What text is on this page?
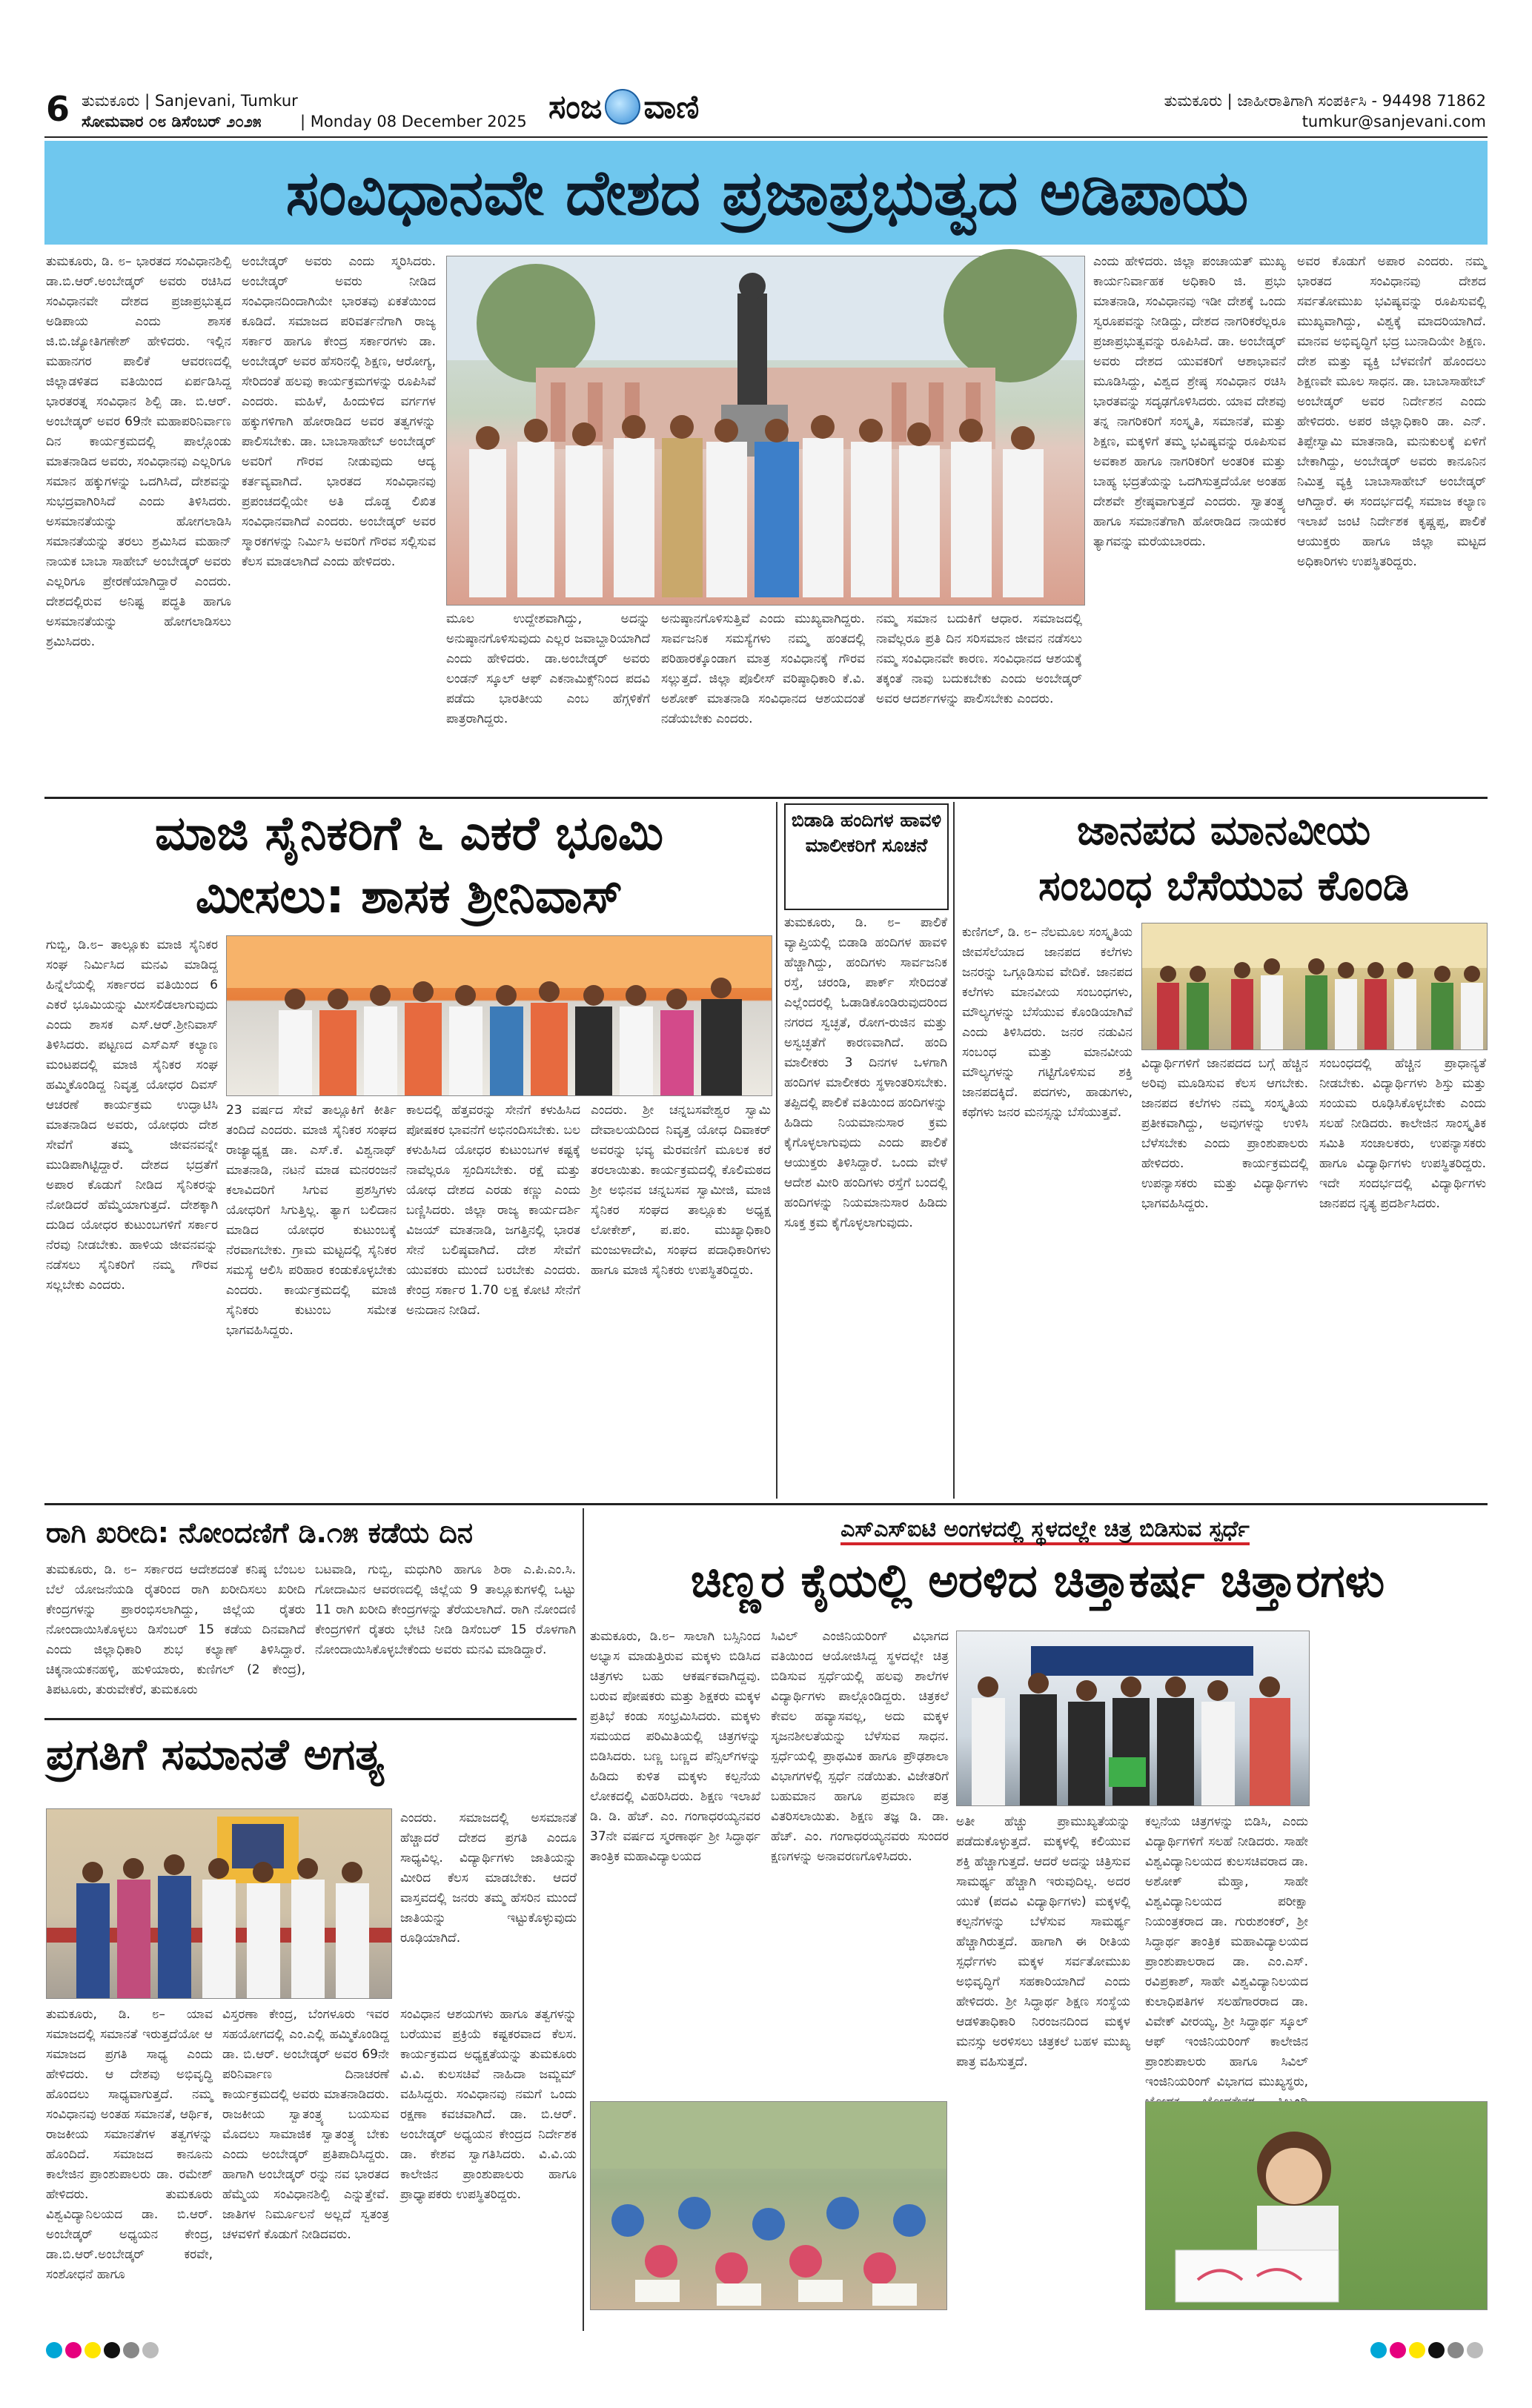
6 ತುಮಕೂರು | Sanjevani, Tumkur
ಸೋಮವಾರ ೦೮ ಡಿಸೆಂಬರ್ ೨೦೨೫ | Monday 08 December 2025 ಸಂಜ ವಾಣಿ	ತುಮಕೂರು | ಜಾಹೀರಾತಿಗಾಗಿ ಸಂಪರ್ಕಿಸಿ - 94498 71862
tumkur@sanjevani.com
ಸಂವಿಧಾನವೇ ದೇಶದ ಪ್ರಜಾಪ್ರಭುತ್ವದ ಅಡಿಪಾಯ
ತುಮಕೂರು, ಡಿ. ೮– ಭಾರತದ ಸಂವಿಧಾನಶಿಲ್ಪಿ ಡಾ.ಬಿ.ಆರ್.ಅಂಬೇಡ್ಕರ್ ಅವರು ರಚಿಸಿದ ಸಂವಿಧಾನವೇ ದೇಶದ ಪ್ರಜಾಪ್ರಭುತ್ವದ ಅಡಿಪಾಯ ಎಂದು ಶಾಸಕ ಜಿ.ಬಿ.ಜ್ಯೋತಿಗಣೇಶ್ ಹೇಳಿದರು. ಇಲ್ಲಿನ ಮಹಾನಗರ ಪಾಲಿಕೆ ಆವರಣದಲ್ಲಿ ಜಿಲ್ಲಾಡಳಿತದ ವತಿಯಿಂದ ಏರ್ಪಡಿಸಿದ್ದ ಭಾರತರತ್ನ ಸಂವಿಧಾನ ಶಿಲ್ಪಿ ಡಾ. ಬಿ.ಆರ್. ಅಂಬೇಡ್ಕರ್ ಅವರ 69ನೇ ಮಹಾಪರಿನಿರ್ವಾಣ ದಿನ ಕಾರ್ಯಕ್ರಮದಲ್ಲಿ ಪಾಲ್ಗೊಂಡು ಮಾತನಾಡಿದ ಅವರು, ಸಂವಿಧಾನವು ಎಲ್ಲರಿಗೂ ಸಮಾನ ಹಕ್ಕುಗಳನ್ನು ಒದಗಿಸಿದೆ, ದೇಶವನ್ನು ಸುಭದ್ರವಾಗಿರಿಸಿದೆ ಎಂದು ತಿಳಿಸಿದರು. ಅಸಮಾನತೆಯನ್ನು ಹೋಗಲಾಡಿಸಿ ಸಮಾನತೆಯನ್ನು ತರಲು ಶ್ರಮಿಸಿದ ಮಹಾನ್ ನಾಯಕ ಬಾಬಾ ಸಾಹೇಬ್ ಅಂಬೇಡ್ಕರ್ ಅವರು ಎಲ್ಲರಿಗೂ ಪ್ರೇರಣೆಯಾಗಿದ್ದಾರೆ ಎಂದರು. ದೇಶದಲ್ಲಿರುವ ಅನಿಷ್ಟ ಪದ್ಧತಿ ಹಾಗೂ ಅಸಮಾನತೆಯನ್ನು ಹೋಗಲಾಡಿಸಲು ಶ್ರಮಿಸಿದರು.
ಅಂಬೇಡ್ಕರ್ ಅವರು ಎಂದು ಸ್ಮರಿಸಿದರು. ಅಂಬೇಡ್ಕರ್ ಅವರು ನೀಡಿದ ಸಂವಿಧಾನದಿಂದಾಗಿಯೇ ಭಾರತವು ಏಕತೆಯಿಂದ ಕೂಡಿದೆ. ಸಮಾಜದ ಪರಿವರ್ತನೆಗಾಗಿ ರಾಜ್ಯ ಸರ್ಕಾರ ಹಾಗೂ ಕೇಂದ್ರ ಸರ್ಕಾರಗಳು ಡಾ. ಅಂಬೇಡ್ಕರ್ ಅವರ ಹೆಸರಿನಲ್ಲಿ ಶಿಕ್ಷಣ, ಆರೋಗ್ಯ, ಸೇರಿದಂತೆ ಹಲವು ಕಾರ್ಯಕ್ರಮಗಳನ್ನು ರೂಪಿಸಿವೆ ಎಂದರು. ಮಹಿಳೆ, ಹಿಂದುಳಿದ ವರ್ಗಗಳ ಹಕ್ಕುಗಳಿಗಾಗಿ ಹೋರಾಡಿದ ಅವರ ತತ್ವಗಳನ್ನು ಪಾಲಿಸಬೇಕು. ಡಾ. ಬಾಬಾಸಾಹೇಬ್ ಅಂಬೇಡ್ಕರ್ ಅವರಿಗೆ ಗೌರವ ನೀಡುವುದು ಆದ್ಯ ಕರ್ತವ್ಯವಾಗಿದೆ. ಭಾರತದ ಸಂವಿಧಾನವು ಪ್ರಪಂಚದಲ್ಲಿಯೇ ಅತಿ ದೊಡ್ಡ ಲಿಖಿತ ಸಂವಿಧಾನವಾಗಿದೆ ಎಂದರು. ಅಂಬೇಡ್ಕರ್ ಅವರ ಸ್ಮಾರಕಗಳನ್ನು ನಿರ್ಮಿಸಿ ಅವರಿಗೆ ಗೌರವ ಸಲ್ಲಿಸುವ ಕೆಲಸ ಮಾಡಲಾಗಿದೆ ಎಂದು ಹೇಳಿದರು.
ಮೂಲ ಉದ್ದೇಶವಾಗಿದ್ದು, ಅದನ್ನು ಅನುಷ್ಠಾನಗೊಳಿಸುವುದು ಎಲ್ಲರ ಜವಾಬ್ದಾರಿಯಾಗಿದೆ ಎಂದು ಹೇಳಿದರು. ಡಾ.ಅಂಬೇಡ್ಕರ್ ಅವರು ಲಂಡನ್ ಸ್ಕೂಲ್ ಆಫ್ ಎಕನಾಮಿಕ್ಸ್‌ನಿಂದ ಪದವಿ ಪಡೆದು ಭಾರತೀಯ ಎಂಬ ಹೆಗ್ಗಳಿಕೆಗೆ ಪಾತ್ರರಾಗಿದ್ದರು.
ಅನುಷ್ಠಾನಗೊಳಿಸುತ್ತಿವೆ ಎಂದು ಮುಖ್ಯವಾಗಿದ್ದರು. ಸಾರ್ವಜನಿಕ ಸಮಸ್ಯೆಗಳು ನಮ್ಮ ಹಂತದಲ್ಲಿ ಪರಿಹಾರಕ್ಕೊಂಡಾಗ ಮಾತ್ರ ಸಂವಿಧಾನಕ್ಕೆ ಗೌರವ ಸಲ್ಲುತ್ತದೆ. ಜಿಲ್ಲಾ ಪೊಲೀಸ್ ವರಿಷ್ಠಾಧಿಕಾರಿ ಕೆ.ವಿ. ಅಶೋಕ್ ಮಾತನಾಡಿ ಸಂವಿಧಾನದ ಆಶಯದಂತೆ ನಡೆಯಬೇಕು ಎಂದರು.
ನಮ್ಮ ಸಮಾನ ಬದುಕಿಗೆ ಆಧಾರ. ಸಮಾಜದಲ್ಲಿ ನಾವೆಲ್ಲರೂ ಪ್ರತಿ ದಿನ ಸರಿಸಮಾನ ಜೀವನ ನಡೆಸಲು ನಮ್ಮ ಸಂವಿಧಾನವೇ ಕಾರಣ. ಸಂವಿಧಾನದ ಆಶಯಕ್ಕೆ ತಕ್ಕಂತೆ ನಾವು ಬದುಕಬೇಕು ಎಂದು ಅಂಬೇಡ್ಕರ್ ಅವರ ಆದರ್ಶಗಳನ್ನು ಪಾಲಿಸಬೇಕು ಎಂದರು.
ಎಂದು ಹೇಳಿದರು. ಜಿಲ್ಲಾ ಪಂಚಾಯತ್ ಮುಖ್ಯ ಕಾರ್ಯನಿರ್ವಾಹಕ ಅಧಿಕಾರಿ ಜಿ. ಪ್ರಭು ಮಾತನಾಡಿ, ಸಂವಿಧಾನವು ಇಡೀ ದೇಶಕ್ಕೆ ಒಂದು ಸ್ವರೂಪವನ್ನು ನೀಡಿದ್ದು, ದೇಶದ ನಾಗರಿಕರೆಲ್ಲರೂ ಪ್ರಜಾಪ್ರಭುತ್ವವನ್ನು ರೂಪಿಸಿದೆ. ಡಾ. ಅಂಬೇಡ್ಕರ್ ಅವರು ದೇಶದ ಯುವಕರಿಗೆ ಆಶಾಭಾವನೆ ಮೂಡಿಸಿದ್ದು, ವಿಶ್ವದ ಶ್ರೇಷ್ಠ ಸಂವಿಧಾನ ರಚಿಸಿ ಭಾರತವನ್ನು ಸದೃಢಗೊಳಿಸಿದರು. ಯಾವ ದೇಶವು ತನ್ನ ನಾಗರಿಕರಿಗೆ ಸಂಸ್ಕೃತಿ, ಸಮಾನತೆ, ಮತ್ತು ಶಿಕ್ಷಣ, ಮಕ್ಕಳಿಗೆ ತಮ್ಮ ಭವಿಷ್ಯವನ್ನು ರೂಪಿಸುವ ಅವಕಾಶ ಹಾಗೂ ನಾಗರಿಕರಿಗೆ ಅಂತರಿಕ ಮತ್ತು ಬಾಹ್ಯ ಭದ್ರತೆಯನ್ನು ಒದಗಿಸುತ್ತದೆಯೋ ಅಂತಹ ದೇಶವೇ ಶ್ರೇಷ್ಠವಾಗುತ್ತದೆ ಎಂದರು. ಸ್ವಾತಂತ್ರ್ಯ ಹಾಗೂ ಸಮಾನತೆಗಾಗಿ ಹೋರಾಡಿದ ನಾಯಕರ ತ್ಯಾಗವನ್ನು ಮರೆಯಬಾರದು.
ಅವರ ಕೊಡುಗೆ ಅಪಾರ ಎಂದರು. ನಮ್ಮ ಭಾರತದ ಸಂವಿಧಾನವು ದೇಶದ ಸರ್ವತೋಮುಖ ಭವಿಷ್ಯವನ್ನು ರೂಪಿಸುವಲ್ಲಿ ಮುಖ್ಯವಾಗಿದ್ದು, ವಿಶ್ವಕ್ಕೆ ಮಾದರಿಯಾಗಿದೆ. ಮಾನವ ಅಭಿವೃದ್ಧಿಗೆ ಭದ್ರ ಬುನಾದಿಯೇ ಶಿಕ್ಷಣ. ದೇಶ ಮತ್ತು ವ್ಯಕ್ತಿ ಬೆಳವಣಿಗೆ ಹೊಂದಲು ಶಿಕ್ಷಣವೇ ಮೂಲ ಸಾಧನ. ಡಾ. ಬಾಬಾಸಾಹೇಬ್ ಅಂಬೇಡ್ಕರ್ ಅವರ ನಿರ್ದೇಶನ ಎಂದು ಹೇಳಿದರು. ಅಪರ ಜಿಲ್ಲಾಧಿಕಾರಿ ಡಾ. ಎನ್. ತಿಪ್ಪೇಸ್ವಾಮಿ ಮಾತನಾಡಿ, ಮನುಕುಲಕ್ಕೆ ಏಳಿಗೆ ಬೇಕಾಗಿದ್ದು, ಅಂಬೇಡ್ಕರ್ ಅವರು ಕಾನೂನಿನ ನಿಮಿತ್ತ ವ್ಯಕ್ತಿ ಬಾಬಾಸಾಹೇಬ್ ಅಂಬೇಡ್ಕರ್ ಆಗಿದ್ದಾರೆ. ಈ ಸಂದರ್ಭದಲ್ಲಿ ಸಮಾಜ ಕಲ್ಯಾಣ ಇಲಾಖೆ ಜಂಟಿ ನಿರ್ದೇಶಕ ಕೃಷ್ಣಪ್ಪ, ಪಾಲಿಕೆ ಆಯುಕ್ತರು ಹಾಗೂ ಜಿಲ್ಲಾ ಮಟ್ಟದ ಅಧಿಕಾರಿಗಳು ಉಪಸ್ಥಿತರಿದ್ದರು.
ಮಾಜಿ ಸೈನಿಕರಿಗೆ ೬ ಎಕರೆ ಭೂಮಿ
ಮೀಸಲು: ಶಾಸಕ ಶ್ರೀನಿವಾಸ್
ಗುಬ್ಬಿ, ಡಿ.೮– ತಾಲ್ಲೂಕು ಮಾಜಿ ಸೈನಿಕರ ಸಂಘ ನಿರ್ಮಿಸಿದ ಮನವಿ ಮಾಡಿದ್ದ ಹಿನ್ನೆಲೆಯಲ್ಲಿ ಸರ್ಕಾರದ ವತಿಯಿಂದ 6 ಎಕರೆ ಭೂಮಿಯನ್ನು ಮೀಸಲಿಡಲಾಗುವುದು ಎಂದು ಶಾಸಕ ಎಸ್.ಆರ್.ಶ್ರೀನಿವಾಸ್ ತಿಳಿಸಿದರು. ಪಟ್ಟಣದ ಎಸ್‌ಎಸ್ ಕಲ್ಯಾಣ ಮಂಟಪದಲ್ಲಿ ಮಾಜಿ ಸೈನಿಕರ ಸಂಘ ಹಮ್ಮಿಕೊಂಡಿದ್ದ ನಿವೃತ್ತ ಯೋಧರ ದಿವಸ್ ಆಚರಣೆ ಕಾರ್ಯಕ್ರಮ ಉದ್ಘಾಟಿಸಿ ಮಾತನಾಡಿದ ಅವರು, ಯೋಧರು ದೇಶ ಸೇವೆಗೆ ತಮ್ಮ ಜೀವನವನ್ನೇ ಮುಡಿಪಾಗಿಟ್ಟಿದ್ದಾರೆ. ದೇಶದ ಭದ್ರತೆಗೆ ಅಪಾರ ಕೊಡುಗೆ ನೀಡಿದ ಸೈನಿಕರನ್ನು ನೋಡಿದರೆ ಹೆಮ್ಮೆಯಾಗುತ್ತದೆ. ದೇಶಕ್ಕಾಗಿ ದುಡಿದ ಯೋಧರ ಕುಟುಂಬಗಳಿಗೆ ಸರ್ಕಾರ ನೆರವು ನೀಡಬೇಕು. ಹಾಳಿಯ ಜೀವನವನ್ನು ನಡೆಸಲು ಸೈನಿಕರಿಗೆ ನಮ್ಮ ಗೌರವ ಸಲ್ಲಬೇಕು ಎಂದರು.
23 ವರ್ಷದ ಸೇವೆ ತಾಲ್ಲೂಕಿಗೆ ಕೀರ್ತಿ ತಂದಿದೆ ಎಂದರು. ಮಾಜಿ ಸೈನಿಕರ ಸಂಘದ ರಾಜ್ಯಾಧ್ಯಕ್ಷ ಡಾ. ಎಸ್.ಕೆ. ವಿಶ್ವನಾಥ್ ಮಾತನಾಡಿ, ನಟನೆ ಮಾಡ ಮನರಂಜನೆ ಕಲಾವಿದರಿಗೆ ಸಿಗುವ ಪ್ರಶಸ್ತಿಗಳು ಯೋಧರಿಗೆ ಸಿಗುತ್ತಿಲ್ಲ. ತ್ಯಾಗ ಬಲಿದಾನ ಮಾಡಿದ ಯೋಧರ ಕುಟುಂಬಕ್ಕೆ ನೆರವಾಗಬೇಕು. ಗ್ರಾಮ ಮಟ್ಟದಲ್ಲಿ ಸೈನಿಕರ ಸಮಸ್ಯೆ ಆಲಿಸಿ ಪರಿಹಾರ ಕಂಡುಕೊಳ್ಳಬೇಕು ಎಂದರು. ಕಾರ್ಯಕ್ರಮದಲ್ಲಿ ಮಾಜಿ ಸೈನಿಕರು ಕುಟುಂಬ ಸಮೇತ ಭಾಗವಹಿಸಿದ್ದರು.
ಕಾಲದಲ್ಲಿ ಹೆತ್ತವರನ್ನು ಸೇನೆಗೆ ಕಳುಹಿಸಿದ ಪೋಷಕರ ಭಾವನೆಗೆ ಅಭಿನಂದಿಸಬೇಕು. ಬಲ ಕಳುಹಿಸಿದ ಯೋಧರ ಕುಟುಂಬಗಳ ಕಷ್ಟಕ್ಕೆ ನಾವೆಲ್ಲರೂ ಸ್ಪಂದಿಸಬೇಕು. ರಕ್ಷೆ ಮತ್ತು ಯೋಧ ದೇಶದ ಎರಡು ಕಣ್ಣು ಎಂದು ಬಣ್ಣಿಸಿದರು. ಜಿಲ್ಲಾ ರಾಜ್ಯ ಕಾರ್ಯದರ್ಶಿ ವಿಜಯ್ ಮಾತನಾಡಿ, ಜಗತ್ತಿನಲ್ಲಿ ಭಾರತ ಸೇನೆ ಬಲಿಷ್ಠವಾಗಿದೆ. ದೇಶ ಸೇವೆಗೆ ಯುವಕರು ಮುಂದೆ ಬರಬೇಕು ಎಂದರು. ಕೇಂದ್ರ ಸರ್ಕಾರ 1.70 ಲಕ್ಷ ಕೋಟಿ ಸೇನೆಗೆ ಅನುದಾನ ನೀಡಿದೆ.
ಎಂದರು. ಶ್ರೀ ಚನ್ನಬಸವೇಶ್ವರ ಸ್ವಾಮಿ ದೇವಾಲಯದಿಂದ ನಿವೃತ್ತ ಯೋಧ ದಿವಾಕರ್ ಅವರನ್ನು ಭವ್ಯ ಮೆರವಣಿಗೆ ಮೂಲಕ ಕರೆ ತರಲಾಯಿತು. ಕಾರ್ಯಕ್ರಮದಲ್ಲಿ ಕೊಲಿಮಠದ ಶ್ರೀ ಅಭಿನವ ಚನ್ನಬಸವ ಸ್ವಾಮೀಜಿ, ಮಾಜಿ ಸೈನಿಕರ ಸಂಘದ ತಾಲ್ಲೂಕು ಅಧ್ಯಕ್ಷ ಲೋಕೇಶ್, ಪ.ಪಂ. ಮುಖ್ಯಾಧಿಕಾರಿ ಮಂಜುಳಾದೇವಿ, ಸಂಘದ ಪದಾಧಿಕಾರಿಗಳು ಹಾಗೂ ಮಾಜಿ ಸೈನಿಕರು ಉಪಸ್ಥಿತರಿದ್ದರು.
ಬಿಡಾಡಿ ಹಂದಿಗಳ ಹಾವಳಿ ಮಾಲೀಕರಿಗೆ ಸೂಚನೆ
ತುಮಕೂರು, ಡಿ. ೮– ಪಾಲಿಕೆ ವ್ಯಾಪ್ತಿಯಲ್ಲಿ ಬಿಡಾಡಿ ಹಂದಿಗಳ ಹಾವಳಿ ಹೆಚ್ಚಾಗಿದ್ದು, ಹಂದಿಗಳು ಸಾರ್ವಜನಿಕ ರಸ್ತೆ, ಚರಂಡಿ, ಪಾರ್ಕ್ ಸೇರಿದಂತೆ ಎಲ್ಲೆಂದರಲ್ಲಿ ಓಡಾಡಿಕೊಂಡಿರುವುದರಿಂದ ನಗರದ ಸ್ವಚ್ಛತೆ, ರೋಗ-ರುಜಿನ ಮತ್ತು ಅಸ್ವಚ್ಛತೆಗೆ ಕಾರಣವಾಗಿದೆ. ಹಂದಿ ಮಾಲೀಕರು 3 ದಿನಗಳ ಒಳಗಾಗಿ ಹಂದಿಗಳ ಮಾಲೀಕರು ಸ್ಥಳಾಂತರಿಸಬೇಕು. ತಪ್ಪಿದಲ್ಲಿ ಪಾಲಿಕೆ ವತಿಯಿಂದ ಹಂದಿಗಳನ್ನು ಹಿಡಿದು ನಿಯಮಾನುಸಾರ ಕ್ರಮ ಕೈಗೊಳ್ಳಲಾಗುವುದು ಎಂದು ಪಾಲಿಕೆ ಆಯುಕ್ತರು ತಿಳಿಸಿದ್ದಾರೆ. ಒಂದು ವೇಳೆ ಆದೇಶ ಮೀರಿ ಹಂದಿಗಳು ರಸ್ತೆಗೆ ಬಂದಲ್ಲಿ ಹಂದಿಗಳನ್ನು ನಿಯಮಾನುಸಾರ ಹಿಡಿದು ಸೂಕ್ತ ಕ್ರಮ ಕೈಗೊಳ್ಳಲಾಗುವುದು.
ಜಾನಪದ ಮಾನವೀಯ
ಸಂಬಂಧ ಬೆಸೆಯುವ ಕೊಂಡಿ
ಕುಣಿಗಲ್, ಡಿ. ೮– ನೆಲಮೂಲ ಸಂಸ್ಕೃತಿಯ ಜೀವಸೆಲೆಯಾದ ಜಾನಪದ ಕಲೆಗಳು ಜನರನ್ನು ಒಗ್ಗೂಡಿಸುವ ವೇದಿಕೆ. ಜಾನಪದ ಕಲೆಗಳು ಮಾನವೀಯ ಸಂಬಂಧಗಳು, ಮೌಲ್ಯಗಳನ್ನು ಬೆಸೆಯುವ ಕೊಂಡಿಯಾಗಿವೆ ಎಂದು ತಿಳಿಸಿದರು. ಜನರ ನಡುವಿನ ಸಂಬಂಧ ಮತ್ತು ಮಾನವೀಯ ಮೌಲ್ಯಗಳನ್ನು ಗಟ್ಟಿಗೊಳಿಸುವ ಶಕ್ತಿ ಜಾನಪದಕ್ಕಿದೆ. ಪದಗಳು, ಹಾಡುಗಳು, ಕಥೆಗಳು ಜನರ ಮನಸ್ಸನ್ನು ಬೆಸೆಯುತ್ತವೆ.
ವಿದ್ಯಾರ್ಥಿಗಳಿಗೆ ಜಾನಪದದ ಬಗ್ಗೆ ಹೆಚ್ಚಿನ ಅರಿವು ಮೂಡಿಸುವ ಕೆಲಸ ಆಗಬೇಕು. ಜಾನಪದ ಕಲೆಗಳು ನಮ್ಮ ಸಂಸ್ಕೃತಿಯ ಪ್ರತೀಕವಾಗಿದ್ದು, ಅವುಗಳನ್ನು ಉಳಿಸಿ ಬೆಳೆಸಬೇಕು ಎಂದು ಪ್ರಾಂಶುಪಾಲರು ಹೇಳಿದರು. ಕಾರ್ಯಕ್ರಮದಲ್ಲಿ ಉಪನ್ಯಾಸಕರು ಮತ್ತು ವಿದ್ಯಾರ್ಥಿಗಳು ಭಾಗವಹಿಸಿದ್ದರು.
ಸಂಬಂಧದಲ್ಲಿ ಹೆಚ್ಚಿನ ಪ್ರಾಧಾನ್ಯತೆ ನೀಡಬೇಕು. ವಿದ್ಯಾರ್ಥಿಗಳು ಶಿಸ್ತು ಮತ್ತು ಸಂಯಮ ರೂಢಿಸಿಕೊಳ್ಳಬೇಕು ಎಂದು ಸಲಹೆ ನೀಡಿದರು. ಕಾಲೇಜಿನ ಸಾಂಸ್ಕೃತಿಕ ಸಮಿತಿ ಸಂಚಾಲಕರು, ಉಪನ್ಯಾಸಕರು ಹಾಗೂ ವಿದ್ಯಾರ್ಥಿಗಳು ಉಪಸ್ಥಿತರಿದ್ದರು. ಇದೇ ಸಂದರ್ಭದಲ್ಲಿ ವಿದ್ಯಾರ್ಥಿಗಳು ಜಾನಪದ ನೃತ್ಯ ಪ್ರದರ್ಶಿಸಿದರು.
ರಾಗಿ ಖರೀದಿ: ನೋಂದಣಿಗೆ ಡಿ.೧೫ ಕಡೆಯ ದಿನ
ತುಮಕೂರು, ಡಿ. ೮– ಸರ್ಕಾರದ ಆದೇಶದಂತೆ ಕನಿಷ್ಠ ಬೆಂಬಲ ಬೆಲೆ ಯೋಜನೆಯಡಿ ರೈತರಿಂದ ರಾಗಿ ಖರೀದಿಸಲು ಖರೀದಿ ಕೇಂದ್ರಗಳನ್ನು ಪ್ರಾರಂಭಿಸಲಾಗಿದ್ದು, ಜಿಲ್ಲೆಯ ರೈತರು ನೋಂದಾಯಿಸಿಕೊಳ್ಳಲು ಡಿಸೆಂಬರ್ 15 ಕಡೆಯ ದಿನವಾಗಿದೆ ಎಂದು ಜಿಲ್ಲಾಧಿಕಾರಿ ಶುಭ ಕಲ್ಯಾಣ್ ತಿಳಿಸಿದ್ದಾರೆ. ಚಿಕ್ಕನಾಯಕನಹಳ್ಳಿ, ಹುಳಿಯಾರು, ಕುಣಿಗಲ್ (2 ಕೇಂದ್ರ), ತಿಪಟೂರು, ತುರುವೇಕೆರೆ, ತುಮಕೂರು
ಬಟವಾಡಿ, ಗುಬ್ಬಿ, ಮಧುಗಿರಿ ಹಾಗೂ ಶಿರಾ ಎ.ಪಿ.ಎಂ.ಸಿ. ಗೋದಾಮಿನ ಆವರಣದಲ್ಲಿ ಜಿಲ್ಲೆಯ 9 ತಾಲ್ಲೂಕುಗಳಲ್ಲಿ ಒಟ್ಟು 11 ರಾಗಿ ಖರೀದಿ ಕೇಂದ್ರಗಳನ್ನು ತೆರೆಯಲಾಗಿದೆ. ರಾಗಿ ನೋಂದಣಿ ಕೇಂದ್ರಗಳಿಗೆ ರೈತರು ಭೇಟಿ ನೀಡಿ ಡಿಸೆಂಬರ್ 15 ರೊಳಗಾಗಿ ನೋಂದಾಯಿಸಿಕೊಳ್ಳಬೇಕೆಂದು ಅವರು ಮನವಿ ಮಾಡಿದ್ದಾರೆ.
ಪ್ರಗತಿಗೆ ಸಮಾನತೆ ಅಗತ್ಯ
ಎಂದರು. ಸಮಾಜದಲ್ಲಿ ಅಸಮಾನತೆ ಹೆಚ್ಚಾದರೆ ದೇಶದ ಪ್ರಗತಿ ಎಂದೂ ಸಾಧ್ಯವಿಲ್ಲ. ವಿದ್ಯಾರ್ಥಿಗಳು ಜಾತಿಯನ್ನು ಮೀರಿದ ಕೆಲಸ ಮಾಡಬೇಕು. ಆದರೆ ವಾಸ್ತವದಲ್ಲಿ ಜನರು ತಮ್ಮ ಹೆಸರಿನ ಮುಂದೆ ಜಾತಿಯನ್ನು ಇಟ್ಟುಕೊಳ್ಳುವುದು ರೂಢಿಯಾಗಿದೆ.
ತುಮಕೂರು, ಡಿ. ೮– ಯಾವ ಸಮಾಜದಲ್ಲಿ ಸಮಾನತೆ ಇರುತ್ತದೆಯೋ ಆ ಸಮಾಜದ ಪ್ರಗತಿ ಸಾಧ್ಯ ಎಂದು ಹೇಳಿದರು. ಆ ದೇಶವು ಅಭಿವೃದ್ಧಿ ಹೊಂದಲು ಸಾಧ್ಯವಾಗುತ್ತದೆ. ನಮ್ಮ ಸಂವಿಧಾನವು ಅಂತಹ ಸಮಾನತೆ, ಆರ್ಥಿಕ, ರಾಜಕೀಯ ಸಮಾನತೆಗಳ ತತ್ವಗಳನ್ನು ಹೊಂದಿದೆ. ಸಮಾಜದ ಕಾನೂನು ಕಾಲೇಜಿನ ಪ್ರಾಂಶುಪಾಲರು ಡಾ. ರಮೇಶ್ ಹೇಳಿದರು. ತುಮಕೂರು ವಿಶ್ವವಿದ್ಯಾನಿಲಯದ ಡಾ. ಬಿ.ಆರ್. ಅಂಬೇಡ್ಕರ್ ಅಧ್ಯಯನ ಕೇಂದ್ರ, ಡಾ.ಬಿ.ಆರ್.ಅಂಬೇಡ್ಕರ್ ಕರವೇ, ಸಂಶೋಧನೆ ಹಾಗೂ
ವಿಸ್ತರಣಾ ಕೇಂದ್ರ, ಬೆಂಗಳೂರು ಇವರ ಸಹಯೋಗದಲ್ಲಿ ಎಂ.ಎಲ್ಲಿ ಹಮ್ಮಿಕೊಂಡಿದ್ದ ಡಾ. ಬಿ.ಆರ್. ಅಂಬೇಡ್ಕರ್ ಅವರ 69ನೇ ಪರಿನಿರ್ವಾಣ ದಿನಾಚರಣೆ ಕಾರ್ಯಕ್ರಮದಲ್ಲಿ ಅವರು ಮಾತನಾಡಿದರು. ರಾಜಕೀಯ ಸ್ವಾತಂತ್ರ್ಯ ಬಯಸುವ ಮೊದಲು ಸಾಮಾಜಿಕ ಸ್ವಾತಂತ್ರ್ಯ ಬೇಕು ಎಂದು ಅಂಬೇಡ್ಕರ್ ಪ್ರತಿಪಾದಿಸಿದ್ದರು. ಹಾಗಾಗಿ ಅಂಬೇಡ್ಕರ್ ರನ್ನು ನವ ಭಾರತದ ಹೆಮ್ಮೆಯ ಸಂವಿಧಾನಶಿಲ್ಪಿ ಎನ್ನುತ್ತೇವೆ. ಜಾತಿಗಳ ನಿರ್ಮೂಲನೆ ಅಲ್ಲದೆ ಸ್ವತಂತ್ರ ಚಳವಳಿಗೆ ಕೊಡುಗೆ ನೀಡಿದವರು.
ಸಂವಿಧಾನ ಆಶಯಗಳು ಹಾಗೂ ತತ್ವಗಳನ್ನು ಬರೆಯುವ ಪ್ರಕ್ರಿಯೆ ಕಷ್ಟಕರವಾದ ಕೆಲಸ. ಕಾರ್ಯಕ್ರಮದ ಅಧ್ಯಕ್ಷತೆಯನ್ನು ತುಮಕೂರು ವಿ.ವಿ. ಕುಲಸಚಿವೆ ನಾಹಿದಾ ಜಮ್ಜಮ್ ವಹಿಸಿದ್ದರು. ಸಂವಿಧಾನವು ನಮಗೆ ಒಂದು ರಕ್ಷಣಾ ಕವಚವಾಗಿದೆ. ಡಾ. ಬಿ.ಆರ್. ಅಂಬೇಡ್ಕರ್ ಅಧ್ಯಯನ ಕೇಂದ್ರದ ನಿರ್ದೇಶಕ ಡಾ. ಕೇಶವ ಸ್ವಾಗತಿಸಿದರು. ವಿ.ವಿ.ಯ ಕಾಲೇಜಿನ ಪ್ರಾಂಶುಪಾಲರು ಹಾಗೂ ಪ್ರಾಧ್ಯಾಪಕರು ಉಪಸ್ಥಿತರಿದ್ದರು.
ಎಸ್‌ಎಸ್‌ಐಟಿ ಅಂಗಳದಲ್ಲಿ ಸ್ಥಳದಲ್ಲೇ ಚಿತ್ರ ಬಿಡಿಸುವ ಸ್ಪರ್ಧೆ
ಚಿಣ್ಣರ ಕೈಯಲ್ಲಿ ಅರಳಿದ ಚಿತ್ತಾಕರ್ಷ ಚಿತ್ತಾರಗಳು
ತುಮಕೂರು, ಡಿ.೮– ಸಾಲಾಗಿ ಬಸ್ಸಿನಿಂದ ಅಭ್ಯಾಸ ಮಾಡುತ್ತಿರುವ ಮಕ್ಕಳು ಬಿಡಿಸಿದ ಚಿತ್ರಗಳು ಬಹು ಆಕರ್ಷಕವಾಗಿದ್ದವು. ಬರುವ ಪೋಷಕರು ಮತ್ತು ಶಿಕ್ಷಕರು ಮಕ್ಕಳ ಪ್ರತಿಭೆ ಕಂಡು ಸಂಭ್ರಮಿಸಿದರು. ಮಕ್ಕಳು ಸಮಯದ ಪರಿಮಿತಿಯಲ್ಲಿ ಚಿತ್ರಗಳನ್ನು ಬಿಡಿಸಿದರು. ಬಣ್ಣ ಬಣ್ಣದ ಪೆನ್ಸಿಲ್‌ಗಳನ್ನು ಹಿಡಿದು ಕುಳಿತ ಮಕ್ಕಳು ಕಲ್ಪನೆಯ ಲೋಕದಲ್ಲಿ ವಿಹರಿಸಿದರು. ಶಿಕ್ಷಣ ಇಲಾಖೆ ಡಿ. ಡಿ. ಹೆಚ್. ಎಂ. ಗಂಗಾಧರಯ್ಯನವರ 37ನೇ ವರ್ಷದ ಸ್ಮರಣಾರ್ಥ ಶ್ರೀ ಸಿದ್ಧಾರ್ಥ ತಾಂತ್ರಿಕ ಮಹಾವಿದ್ಯಾಲಯದ
ಸಿವಿಲ್ ಎಂಜಿನಿಯರಿಂಗ್ ವಿಭಾಗದ ವತಿಯಿಂದ ಆಯೋಜಿಸಿದ್ದ ಸ್ಥಳದಲ್ಲೇ ಚಿತ್ರ ಬಿಡಿಸುವ ಸ್ಪರ್ಧೆಯಲ್ಲಿ ಹಲವು ಶಾಲೆಗಳ ವಿದ್ಯಾರ್ಥಿಗಳು ಪಾಲ್ಗೊಂಡಿದ್ದರು. ಚಿತ್ರಕಲೆ ಕೇವಲ ಹವ್ಯಾಸವಲ್ಲ, ಅದು ಮಕ್ಕಳ ಸೃಜನಶೀಲತೆಯನ್ನು ಬೆಳೆಸುವ ಸಾಧನ. ಸ್ಪರ್ಧೆಯಲ್ಲಿ ಪ್ರಾಥಮಿಕ ಹಾಗೂ ಪ್ರೌಢಶಾಲಾ ವಿಭಾಗಗಳಲ್ಲಿ ಸ್ಪರ್ಧೆ ನಡೆಯಿತು. ವಿಜೇತರಿಗೆ ಬಹುಮಾನ ಹಾಗೂ ಪ್ರಮಾಣ ಪತ್ರ ವಿತರಿಸಲಾಯಿತು. ಶಿಕ್ಷಣ ತಜ್ಞ ಡಿ. ಡಾ. ಹೆಚ್. ಎಂ. ಗಂಗಾಧರಯ್ಯನವರು ಸುಂದರ ಕ್ಷಣಗಳನ್ನು ಅನಾವರಣಗೊಳಿಸಿದರು.
ಅತೀ ಹೆಚ್ಚು ಪ್ರಾಮುಖ್ಯತೆಯನ್ನು ಪಡೆದುಕೊಳ್ಳುತ್ತದೆ. ಮಕ್ಕಳಲ್ಲಿ ಕಲಿಯುವ ಶಕ್ತಿ ಹೆಚ್ಚಾಗುತ್ತದೆ. ಆದರೆ ಅದನ್ನು ಚಿತ್ರಿಸುವ ಸಾಮರ್ಥ್ಯ ಹೆಚ್ಚಾಗಿ ಇರುವುದಿಲ್ಲ. ಅದರ ಯುಕೆ (ಪದವಿ ವಿದ್ಯಾರ್ಥಿಗಳು) ಮಕ್ಕಳಲ್ಲಿ ಕಲ್ಪನೆಗಳನ್ನು ಬೆಳೆಸುವ ಸಾಮರ್ಥ್ಯ ಹೆಚ್ಚಾಗಿರುತ್ತದೆ. ಹಾಗಾಗಿ ಈ ರೀತಿಯ ಸ್ಪರ್ಧೆಗಳು ಮಕ್ಕಳ ಸರ್ವತೋಮುಖ ಅಭಿವೃದ್ಧಿಗೆ ಸಹಕಾರಿಯಾಗಿದೆ ಎಂದು ಹೇಳಿದರು. ಶ್ರೀ ಸಿದ್ಧಾರ್ಥ ಶಿಕ್ಷಣ ಸಂಸ್ಥೆಯ ಆಡಳಿತಾಧಿಕಾರಿ ನಿರಂಜನದಿಂದ ಮಕ್ಕಳ ಮನಸ್ಸು ಅರಳಿಸಲು ಚಿತ್ರಕಲೆ ಬಹಳ ಮುಖ್ಯ ಪಾತ್ರ ವಹಿಸುತ್ತದೆ.
ಕಲ್ಪನೆಯ ಚಿತ್ರಗಳನ್ನು ಬಿಡಿಸಿ, ಎಂದು ವಿದ್ಯಾರ್ಥಿಗಳಿಗೆ ಸಲಹೆ ನೀಡಿದರು. ಸಾಹೇ ವಿಶ್ವವಿದ್ಯಾನಿಲಯದ ಕುಲಸಚಿವರಾದ ಡಾ. ಅಶೋಕ್ ಮೆಹ್ತಾ, ಸಾಹೇ ವಿಶ್ವವಿದ್ಯಾನಿಲಯದ ಪರೀಕ್ಷಾ ನಿಯಂತ್ರಕರಾದ ಡಾ. ಗುರುಶಂಕರ್, ಶ್ರೀ ಸಿದ್ಧಾರ್ಥ ತಾಂತ್ರಿಕ ಮಹಾವಿದ್ಯಾಲಯದ ಪ್ರಾಂಶುಪಾಲರಾದ ಡಾ. ಎಂ.ಎಸ್. ರವಿಪ್ರಕಾಶ್, ಸಾಹೇ ವಿಶ್ವವಿದ್ಯಾನಿಲಯದ ಕುಲಾಧಿಪತಿಗಳ ಸಲಹೆಗಾರರಾದ ಡಾ. ವಿವೇಕ್ ವೀರಯ್ಯ, ಶ್ರೀ ಸಿದ್ಧಾರ್ಥ ಸ್ಕೂಲ್ ಆಫ್ ಇಂಜಿನಿಯರಿಂಗ್ ಕಾಲೇಜಿನ ಪ್ರಾಂಶುಪಾಲರು ಹಾಗೂ ಸಿವಿಲ್ ಇಂಜಿನಿಯರಿಂಗ್ ವಿಭಾಗದ ಮುಖ್ಯಸ್ಥರು,
